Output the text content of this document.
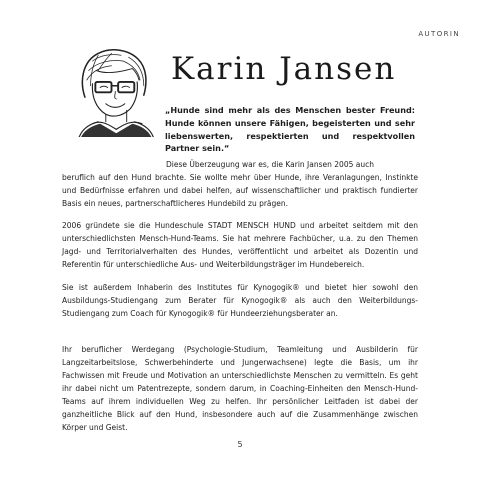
AUTORIN
Karin Jansen
„Hunde sind mehr als des Menschen bester Freund: Hunde können unsere Fähigen, begeisterten und sehr liebenswerten, respektierten und respektvollen Partner sein.“
Diese Überzeugung war es, die Karin Jansen 2005 auch
beruflich auf den Hund brachte. Sie wollte mehr über Hunde, ihre Veranlagungen, Instinkte und Bedürfnisse erfahren und dabei helfen, auf wissenschaftlicher und praktisch fundierter Basis ein neues, partnerschaftlicheres Hundebild zu prägen.
2006 gründete sie die Hundeschule STADT MENSCH HUND und arbeitet seitdem mit den unterschiedlichsten Mensch-Hund-Teams. Sie hat mehrere Fachbücher, u.a. zu den Themen Jagd- und Territorialverhalten des Hundes, veröffentlicht und arbeitet als Dozentin und Referentin für unterschiedliche Aus- und Weiterbildungsträger im Hundebereich.
Sie ist außerdem Inhaberin des Institutes für Kynogogik® und bietet hier sowohl den Ausbildungs-Studiengang zum Berater für Kynogogik® als auch den Weiterbildungs-Studiengang zum Coach für Kynogogik® für Hundeerziehungsberater an.
Ihr beruflicher Werdegang (Psychologie-Studium, Teamleitung und Ausbilderin für Langzeitarbeitslose, Schwerbehinderte und Jungerwachsene) legte die Basis, um ihr Fachwissen mit Freude und Motivation an unterschiedlichste Menschen zu vermitteln. Es geht ihr dabei nicht um Patentrezepte, sondern darum, in Coaching-Einheiten den Mensch-Hund-Teams auf ihrem individuellen Weg zu helfen. Ihr persönlicher Leitfaden ist dabei der ganzheitliche Blick auf den Hund, insbesondere auch auf die Zusammenhänge zwischen Körper und Geist.
5
